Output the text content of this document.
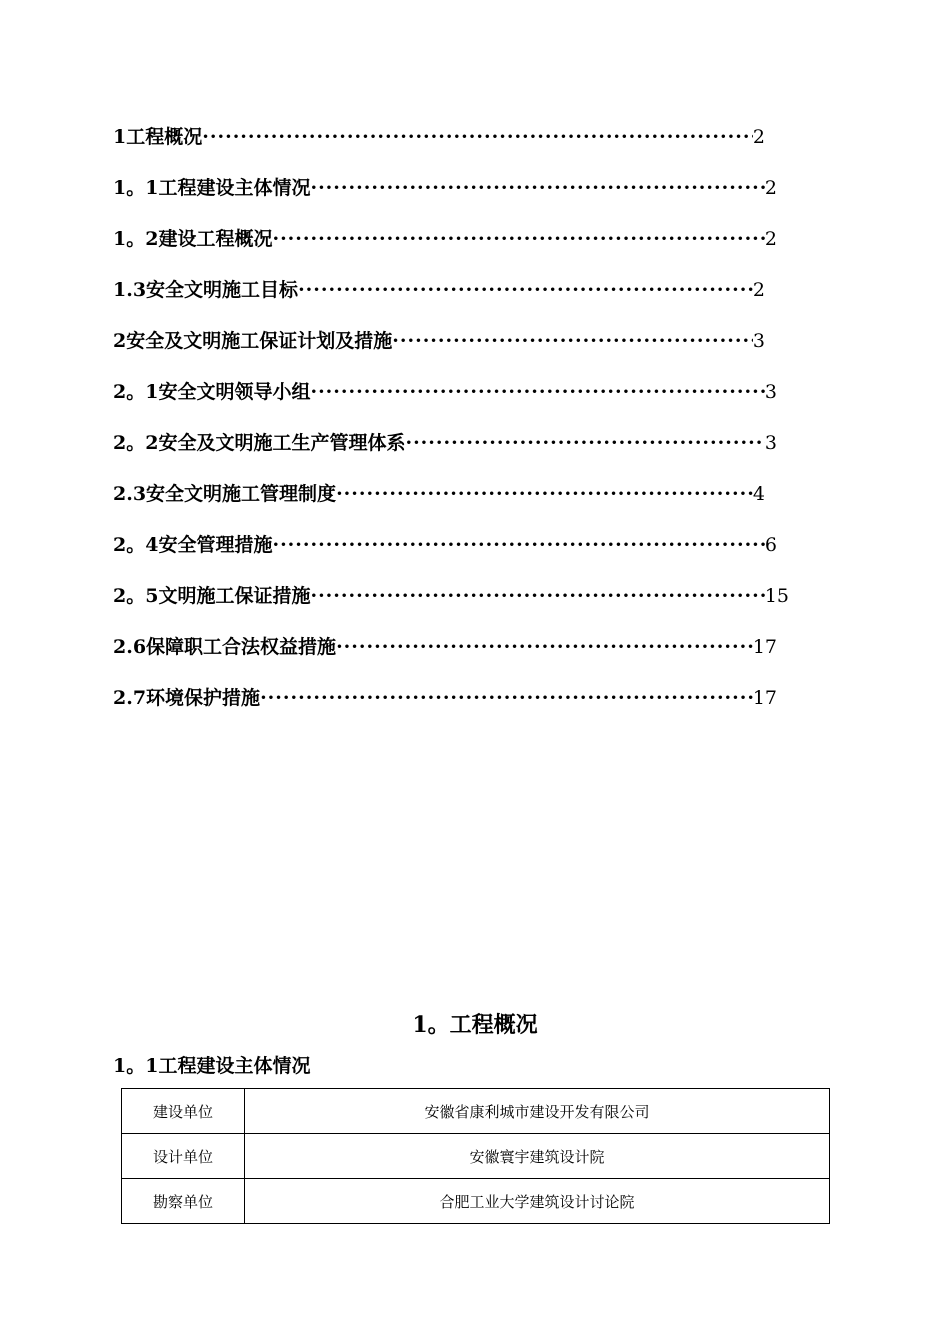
1工程概况 ·····	2
1。1工程建设主体情况 ·····	2
1。2建设工程概况 ·····	2
1.3安全文明施工目标 ·····	2
2安全及文明施工保证计划及措施 ·····	3
2。1安全文明领导小组 ·····	3
2。2安全及文明施工生产管理体系 ·····	3
2.3安全文明施工管理制度 ·····	4
2。4安全管理措施 ·····	6
2。5文明施工保证措施 ·····	15
2.6保障职工合法权益措施 ·····	17
2.7环境保护措施 ·····	17
1。工程概况
1。1工程建设主体情况
建设单位	安徽省康利城市建设开发有限公司
设计单位	安徽寰宇建筑设计院
勘察单位	合肥工业大学建筑设计讨论院
